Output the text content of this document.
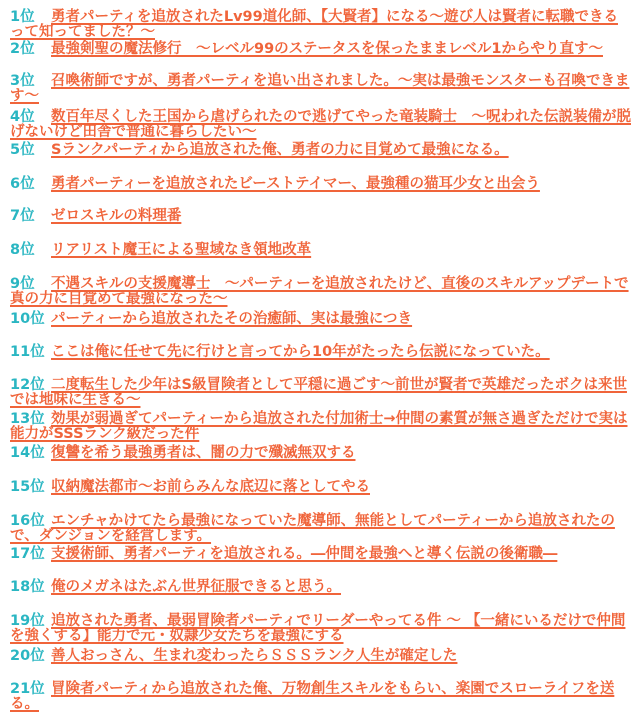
1位 勇者パーティを追放されたLv99道化師、【大賢者】になる〜遊び人は賢者に転職できるって知ってました？〜
2位 最強剣聖の魔法修行　〜レベル99のステータスを保ったままレベル1からやり直す〜
3位 召喚術師ですが、勇者パーティを追い出されました。〜実は最強モンスターも召喚できます〜
4位 数百年尽くした王国から虐げられたので逃げてやった竜装騎士　〜呪われた伝説装備が脱げないけど田舎で普通に暮らしたい〜
5位 Sランクパーティから追放された俺、勇者の力に目覚めて最強になる。
6位 勇者パーティーを追放されたビーストテイマー、最強種の猫耳少女と出会う
7位 ゼロスキルの料理番
8位 リアリスト魔王による聖域なき領地改革
9位 不遇スキルの支援魔導士　〜パーティーを追放されたけど、直後のスキルアップデートで真の力に目覚めて最強になった〜
10位 パーティーから追放されたその治癒師、実は最強につき
11位 ここは俺に任せて先に行けと言ってから10年がたったら伝説になっていた。
12位 二度転生した少年はS級冒険者として平穏に過ごす〜前世が賢者で英雄だったボクは来世では地味に生きる〜
13位 効果が弱過ぎてパーティーから追放された付加術士→仲間の素質が無さ過ぎただけで実は能力がSSSランク級だった件
14位 復讐を希う最強勇者は、闇の力で殲滅無双する
15位 収納魔法都市〜お前らみんな底辺に落としてやる
16位 エンチャかけてたら最強になっていた魔導師、無能としてパーティーから追放されたので、ダンジョンを経営します。
17位 支援術師、勇者パーティを追放される。―仲間を最強へと導く伝説の後衛職―
18位 俺のメガネはたぶん世界征服できると思う。
19位 追放された勇者、最弱冒険者パーティでリーダーやってる件 〜 【一緒にいるだけで仲間を強くする】能力で元・奴隷少女たちを最強にする
20位 善人おっさん、生まれ変わったらＳＳＳランク人生が確定した
21位 冒険者パーティから追放された俺、万物創生スキルをもらい、楽園でスローライフを送る。
